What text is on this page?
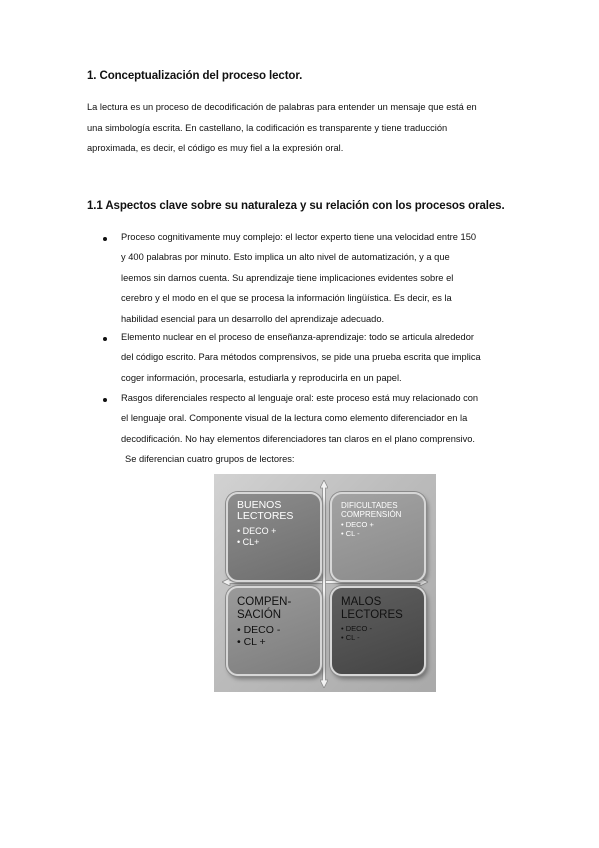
1. Conceptualización del proceso lector.
La lectura es un proceso de decodificación de palabras para entender un mensaje que está en
una simbología escrita. En castellano, la codificación es transparente y tiene traducción
aproximada, es decir, el código es muy fiel a la expresión oral.
1.1 Aspectos clave sobre su naturaleza y su relación con los procesos orales.
Proceso cognitivamente muy complejo: el lector experto tiene una velocidad entre 150
y 400 palabras por minuto. Esto implica un alto nivel de automatización, y a que
leemos sin darnos cuenta. Su aprendizaje tiene implicaciones evidentes sobre el
cerebro y el modo en el que se procesa la información lingüística. Es decir, es la
habilidad esencial para un desarrollo del aprendizaje adecuado.
Elemento nuclear en el proceso de enseñanza-aprendizaje: todo se articula alrededor
del código escrito. Para métodos comprensivos, se pide una prueba escrita que implica
coger información, procesarla, estudiarla y reproducirla en un papel.
Rasgos diferenciales respecto al lenguaje oral: este proceso está muy relacionado con
el lenguaje oral. Componente visual de la lectura como elemento diferenciador en la
decodificación. No hay elementos diferenciadores tan claros en el plano comprensivo.
Se diferencian cuatro grupos de lectores:
BUENOS
LECTORES
• DECO +
• CL+
DIFICULTADES
COMPRENSIÓN
• DECO +
• CL -
COMPEN-
SACIÓN
• DECO -
• CL +
MALOS
LECTORES
• DECO -
• CL -
